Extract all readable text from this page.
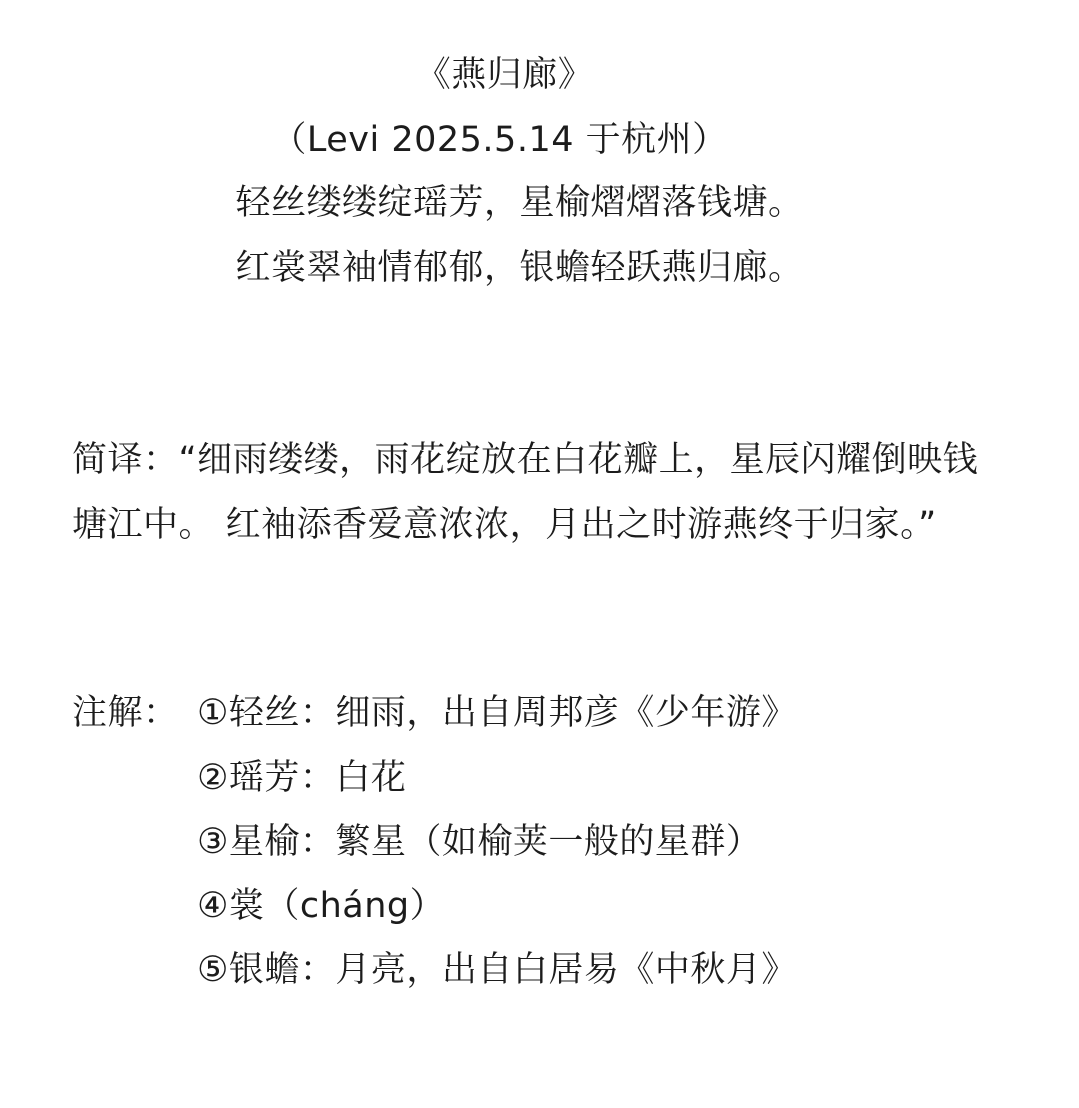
《燕归廊》
（Levi 2025.5.14 于杭州）
轻丝缕缕绽瑶芳，星榆熠熠落钱塘。
红裳翠袖情郁郁，银蟾轻跃燕归廊。
简译：“细雨缕缕，雨花绽放在白花瓣上，星辰闪耀倒映钱塘江中。 红袖添香爱意浓浓，月出之时游燕终于归家。”
注解： ①轻丝：细雨，出自周邦彦《少年游》
②瑶芳：白花
③星榆：繁星（如榆荚一般的星群）
④裳（cháng）
⑤银蟾：月亮，出自白居易《中秋月》
